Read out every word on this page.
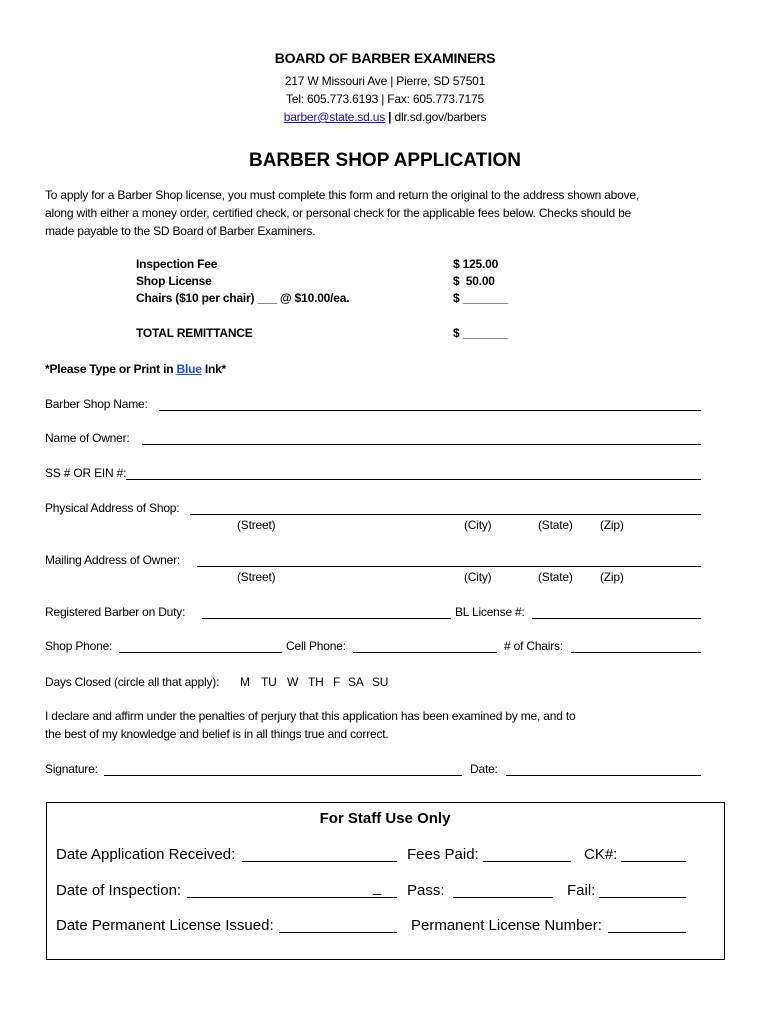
BOARD OF BARBER EXAMINERS
217 W Missouri Ave | Pierre, SD 57501
Tel: 605.773.6193 | Fax: 605.773.7175
barber@state.sd.us | dlr.sd.gov/barbers
BARBER SHOP APPLICATION
To apply for a Barber Shop license, you must complete this form and return the original to the address shown above,
along with either a money order, certified check, or personal check for the applicable fees below. Checks should be
made payable to the SD Board of Barber Examiners.
Inspection Fee	$ 125.00
Shop License	$  50.00
Chairs ($10 per chair) ___ @ $10.00/ea.	$ _______
TOTAL REMITTANCE	$ _______
*Please Type or Print in Blue Ink*
Barber Shop Name:
Name of Owner:
SS # OR EIN #:
Physical Address of Shop:
(Street)	(City)	(State) (Zip)
Mailing Address of Owner:
(Street)	(City)	(State) (Zip)
Registered Barber on Duty:	BL License #:
Shop Phone:	Cell Phone:	# of Chairs:
Days Closed (circle all that apply): M TU W TH F SA SU
I declare and affirm under the penalties of perjury that this application has been examined by me, and to
the best of my knowledge and belief is in all things true and correct.
Signature:	Date:
For Staff Use Only
Date Application Received:	Fees Paid:	CK#:
Date of Inspection:	_ Pass:	Fail:
Date Permanent License Issued:	Permanent License Number:
